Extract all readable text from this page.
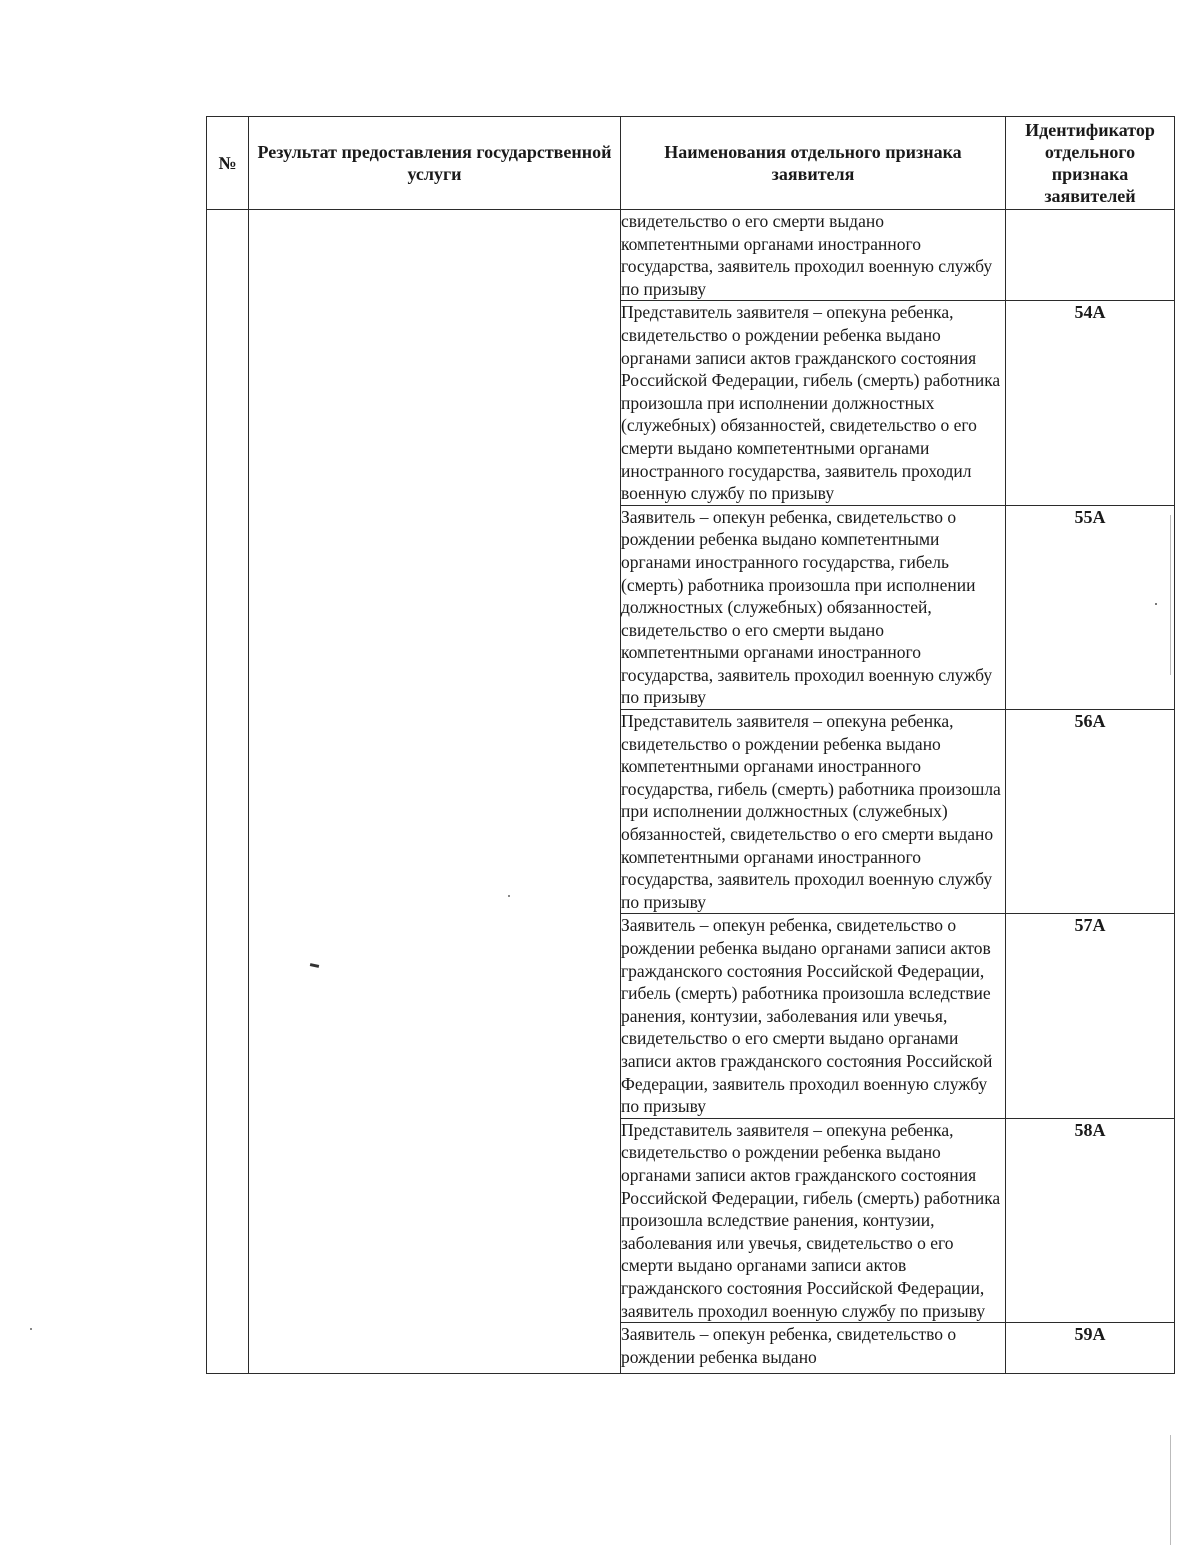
№	Результат предоставления государственной услуги	Наименования отдельного признака заявителя	Идентификатор отдельного признака заявителей
		свидетельство о его смерти выдано компетентными органами иностранного государства, заявитель проходил военную службу по призыву	
		Представитель заявителя – опекуна ребенка, свидетельство о рождении ребенка выдано органами записи актов гражданского состояния Российской Федерации, гибель (смерть) работника произошла при исполнении должностных (служебных) обязанностей, свидетельство о его смерти выдано компетентными органами иностранного государства, заявитель проходил военную службу по призыву	54А
		Заявитель – опекун ребенка, свидетельство о рождении ребенка выдано компетентными органами иностранного государства, гибель (смерть) работника произошла при исполнении должностных (служебных) обязанностей, свидетельство о его смерти выдано компетентными органами иностранного государства, заявитель проходил военную службу по призыву	55А
		Представитель заявителя – опекуна ребенка, свидетельство о рождении ребенка выдано компетентными органами иностранного государства, гибель (смерть) работника произошла при исполнении должностных (служебных) обязанностей, свидетельство о его смерти выдано компетентными органами иностранного государства, заявитель проходил военную службу по призыву	56А
		Заявитель – опекун ребенка, свидетельство о рождении ребенка выдано органами записи актов гражданского состояния Российской Федерации, гибель (смерть) работника произошла вследствие ранения, контузии, заболевания или увечья, свидетельство о его смерти выдано органами записи актов гражданского состояния Российской Федерации, заявитель проходил военную службу по призыву	57А
		Представитель заявителя – опекуна ребенка, свидетельство о рождении ребенка выдано органами записи актов гражданского состояния Российской Федерации, гибель (смерть) работника произошла вследствие ранения, контузии, заболевания или увечья, свидетельство о его смерти выдано органами записи актов гражданского состояния Российской Федерации, заявитель проходил военную службу по призыву	58А
		Заявитель – опекун ребенка, свидетельство о рождении ребенка выдано	59А
